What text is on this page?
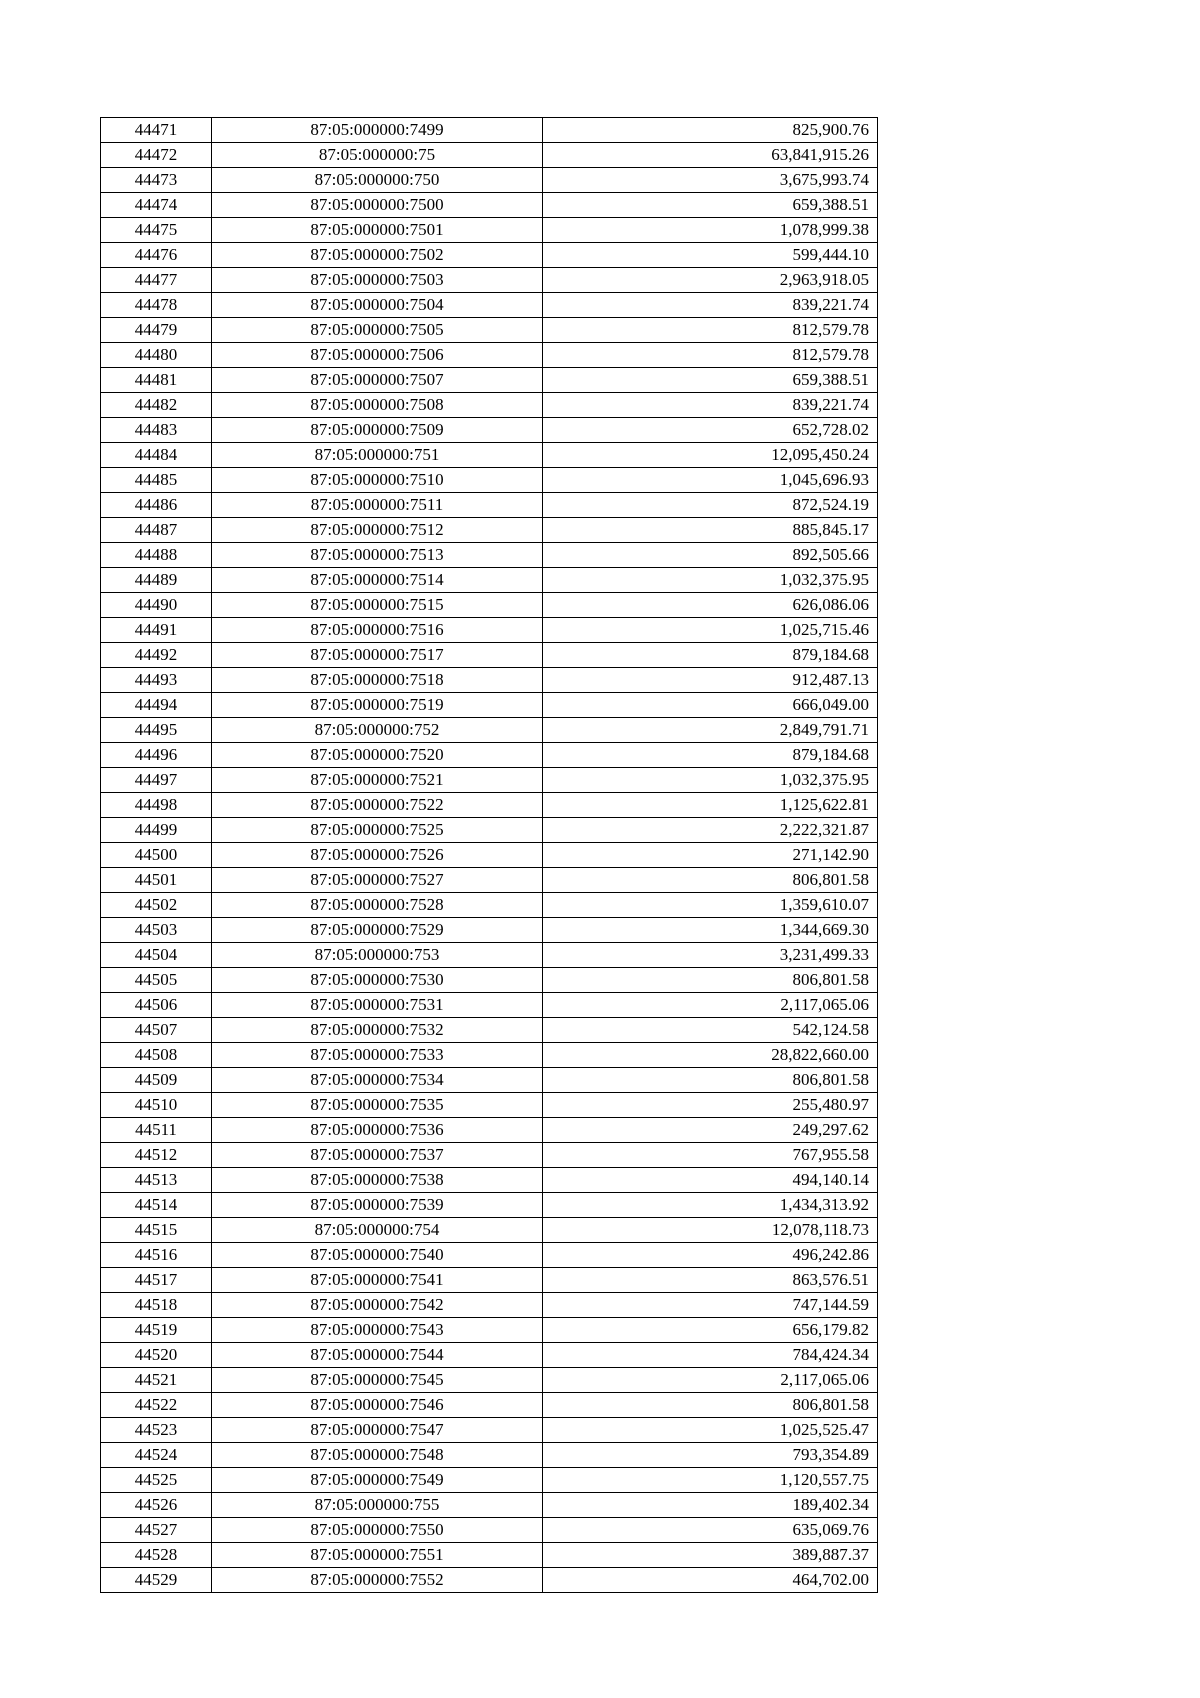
44471	87:05:000000:7499	825,900.76
44472	87:05:000000:75	63,841,915.26
44473	87:05:000000:750	3,675,993.74
44474	87:05:000000:7500	659,388.51
44475	87:05:000000:7501	1,078,999.38
44476	87:05:000000:7502	599,444.10
44477	87:05:000000:7503	2,963,918.05
44478	87:05:000000:7504	839,221.74
44479	87:05:000000:7505	812,579.78
44480	87:05:000000:7506	812,579.78
44481	87:05:000000:7507	659,388.51
44482	87:05:000000:7508	839,221.74
44483	87:05:000000:7509	652,728.02
44484	87:05:000000:751	12,095,450.24
44485	87:05:000000:7510	1,045,696.93
44486	87:05:000000:7511	872,524.19
44487	87:05:000000:7512	885,845.17
44488	87:05:000000:7513	892,505.66
44489	87:05:000000:7514	1,032,375.95
44490	87:05:000000:7515	626,086.06
44491	87:05:000000:7516	1,025,715.46
44492	87:05:000000:7517	879,184.68
44493	87:05:000000:7518	912,487.13
44494	87:05:000000:7519	666,049.00
44495	87:05:000000:752	2,849,791.71
44496	87:05:000000:7520	879,184.68
44497	87:05:000000:7521	1,032,375.95
44498	87:05:000000:7522	1,125,622.81
44499	87:05:000000:7525	2,222,321.87
44500	87:05:000000:7526	271,142.90
44501	87:05:000000:7527	806,801.58
44502	87:05:000000:7528	1,359,610.07
44503	87:05:000000:7529	1,344,669.30
44504	87:05:000000:753	3,231,499.33
44505	87:05:000000:7530	806,801.58
44506	87:05:000000:7531	2,117,065.06
44507	87:05:000000:7532	542,124.58
44508	87:05:000000:7533	28,822,660.00
44509	87:05:000000:7534	806,801.58
44510	87:05:000000:7535	255,480.97
44511	87:05:000000:7536	249,297.62
44512	87:05:000000:7537	767,955.58
44513	87:05:000000:7538	494,140.14
44514	87:05:000000:7539	1,434,313.92
44515	87:05:000000:754	12,078,118.73
44516	87:05:000000:7540	496,242.86
44517	87:05:000000:7541	863,576.51
44518	87:05:000000:7542	747,144.59
44519	87:05:000000:7543	656,179.82
44520	87:05:000000:7544	784,424.34
44521	87:05:000000:7545	2,117,065.06
44522	87:05:000000:7546	806,801.58
44523	87:05:000000:7547	1,025,525.47
44524	87:05:000000:7548	793,354.89
44525	87:05:000000:7549	1,120,557.75
44526	87:05:000000:755	189,402.34
44527	87:05:000000:7550	635,069.76
44528	87:05:000000:7551	389,887.37
44529	87:05:000000:7552	464,702.00
